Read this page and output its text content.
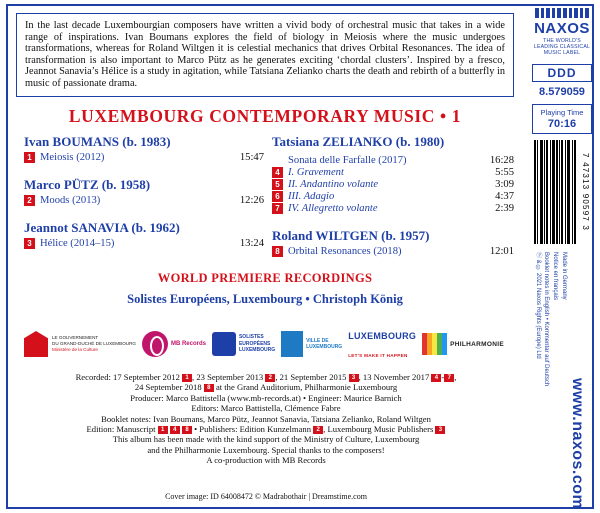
In the last decade Luxembourgian composers have written a vivid body of orchestral music that takes in a wide range of inspirations. Ivan Boumans explores the field of biology in Meiosis where the music undergoes transformations, whereas for Roland Wiltgen it is celestial mechanics that drives Orbital Resonances. The idea of transformation is also important to Marco Pütz as he generates exciting ‘chordal clusters’. Inspired by a fresco, Jeannot Sanavia’s Hélice is a study in agitation, while Tatsiana Zelianko charts the death and rebirth of a butterfly in music of passionate drama.
LUXEMBOURG CONTEMPORARY MUSIC • 1
Ivan BOUMANS (b. 1983)
1 Meiosis (2012)	15:47
Marco PÜTZ (b. 1958)
2 Moods (2013)	12:26
Jeannot SANAVIA (b. 1962)
3 Hélice (2014–15)	13:24
Tatsiana ZELIANKO (b. 1980)
Sonata delle Farfalle (2017)	16:28
4 I. Gravement	5:55
5 II. Andantino volante	3:09
6 III. Adagio	4:37
7 IV. Allegretto volante	2:39
Roland WILTGEN (b. 1957)
8 Orbital Resonances (2018)	12:01
WORLD PREMIERE RECORDINGS
Solistes Européens, Luxembourg • Christoph König
LE GOUVERNEMENT
DU GRAND-DUCHÉ DE LUXEMBOURG
Ministère de la Culture
MB Records
SOLISTES
EUROPÉENS
LUXEMBOURG
VILLE DE
LUXEMBOURG
LUXEMBOURG
LET'S MAKE IT HAPPEN
PHILHARMONIE

Recorded: 17 September 2012 1 , 23 September 2013 2 , 21 September 2015 3 , 13 November 2017 4 - 7 ,

24 September 2018 8 at the Grand Auditorium, Philharmonie Luxembourg

Producer: Marco Battistella (www.mb-records.at) • Engineer: Maurice Barnich

Editors: Marco Battistella, Clémence Fabre

Booklet notes: Ivan Boumans, Marco Pütz, Jeannot Sanavia, Tatsiana Zelianko, Roland Wiltgen

Edition: Manuscript 1 4 8 • Publishers: Edition Kunzelmann 2 , Luxembourg Music Publishers 3

This album has been made with the kind support of the Ministry of Culture, Luxembourg

and the Philharmonie Luxembourg. Special thanks to the composers!

A co-production with MB Records

Cover image: ID 64008472 © Madrabothair | Dreamstime.com
NAXOS
THE WORLD'S LEADING CLASSICAL MUSIC LABEL
DDD
8.579059
Playing Time
70:16
7 47313 90597 3
Ⓟ & © 2021 Naxos Rights (Europe) Ltd Booklet notes in English • Kommentar auf Deutsch Notice en français Made in Germany
www.naxos.com
